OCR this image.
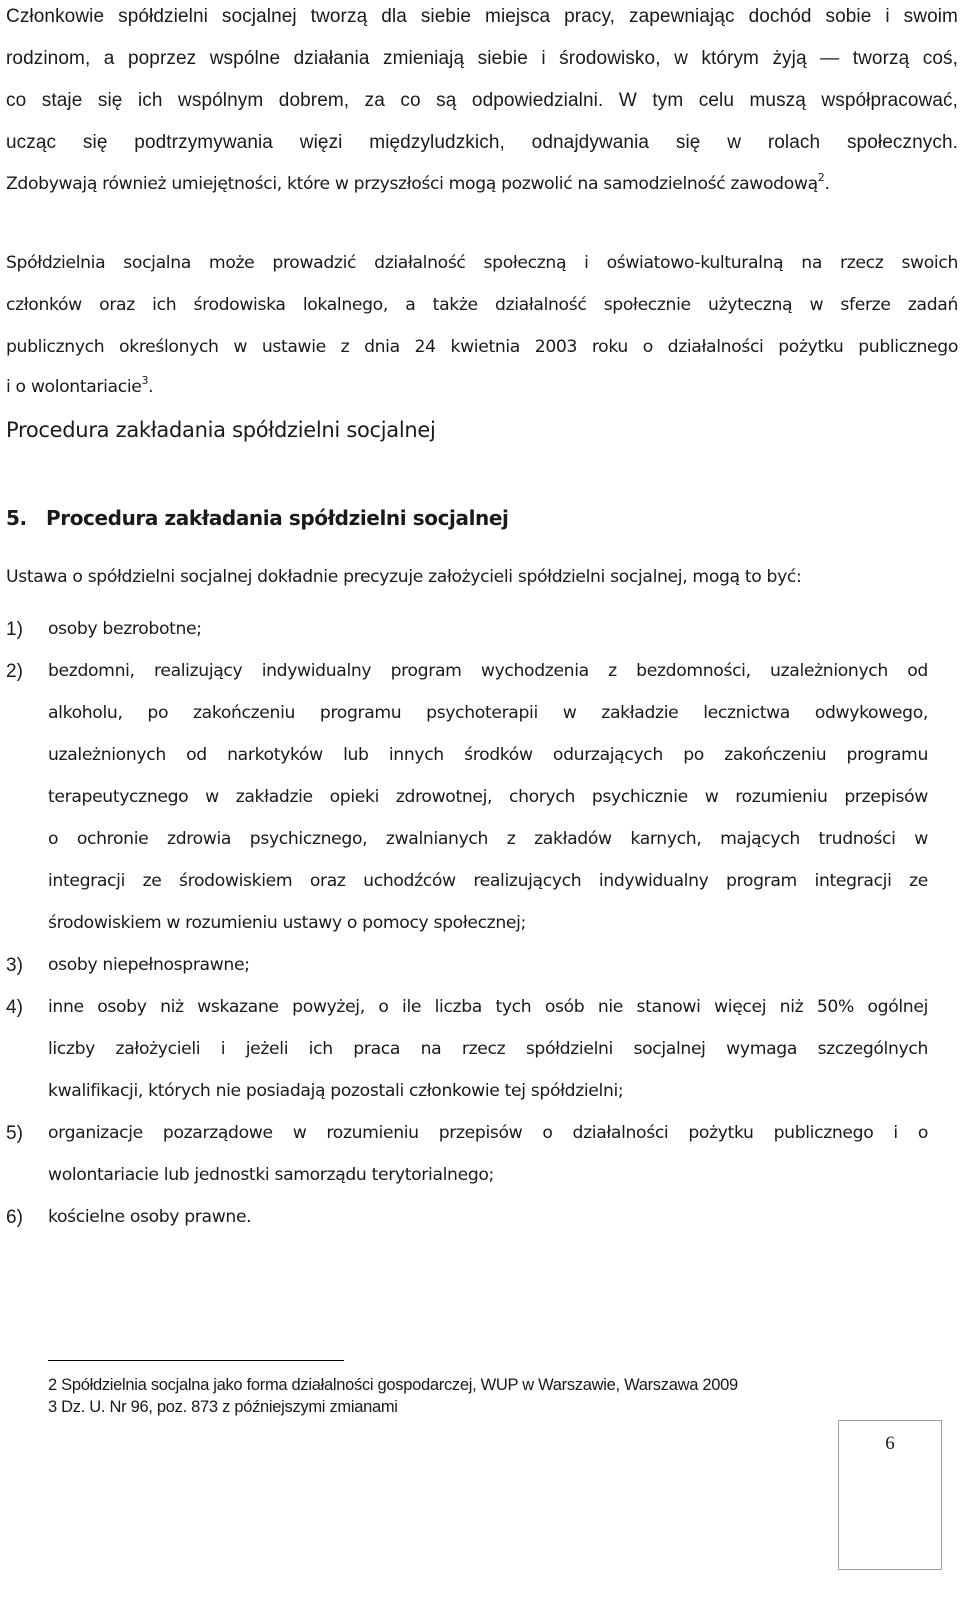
Członkowie spółdzielni socjalnej tworzą dla siebie miejsca pracy, zapewniając dochód sobie i swoim
rodzinom, a poprzez wspólne działania zmieniają siebie i środowisko, w którym żyją — tworzą coś,
co staje się ich wspólnym dobrem, za co są odpowiedzialni. W tym celu muszą współpracować,
ucząc się podtrzymywania więzi międzyludzkich, odnajdywania się w rolach społecznych.
Zdobywają również umiejętności, które w przyszłości mogą pozwolić na samodzielność zawodową$^2$.
Spółdzielnia socjalna może prowadzić działalność społeczną i oświatowo-kulturalną na rzecz swoich
członków oraz ich środowiska lokalnego, a także działalność społecznie użyteczną w sferze zadań
publicznych określonych w ustawie z dnia 24 kwietnia 2003 roku o działalności pożytku publicznego
i o wolontariacie$^3$.
Procedura zakładania spółdzielni socjalnej
5. Procedura zakładania spółdzielni socjalnej
Ustawa o spółdzielni socjalnej dokładnie precyzuje założycieli spółdzielni socjalnej, mogą to być:
1) osoby bezrobotne;
2) bezdomni, realizujący indywidualny program wychodzenia z bezdomności, uzależnionych od
alkoholu, po zakończeniu programu psychoterapii w zakładzie lecznictwa odwykowego,
uzależnionych od narkotyków lub innych środków odurzających po zakończeniu programu
terapeutycznego w zakładzie opieki zdrowotnej, chorych psychicznie w rozumieniu przepisów
o ochronie zdrowia psychicznego, zwalnianych z zakładów karnych, mających trudności w
integracji ze środowiskiem oraz uchodźców realizujących indywidualny program integracji ze
środowiskiem w rozumieniu ustawy o pomocy społecznej;
3) osoby niepełnosprawne;
4) inne osoby niż wskazane powyżej, o ile liczba tych osób nie stanowi więcej niż 50% ogólnej
liczby założycieli i jeżeli ich praca na rzecz spółdzielni socjalnej wymaga szczególnych
kwalifikacji, których nie posiadają pozostali członkowie tej spółdzielni;
5) organizacje pozarządowe w rozumieniu przepisów o działalności pożytku publicznego i o
wolontariacie lub jednostki samorządu terytorialnego;
6) kościelne osoby prawne.
2 Spółdzielnia socjalna jako forma działalności gospodarczej, WUP w Warszawie, Warszawa 2009
3 Dz. U. Nr 96, poz. 873 z późniejszymi zmianami
6
